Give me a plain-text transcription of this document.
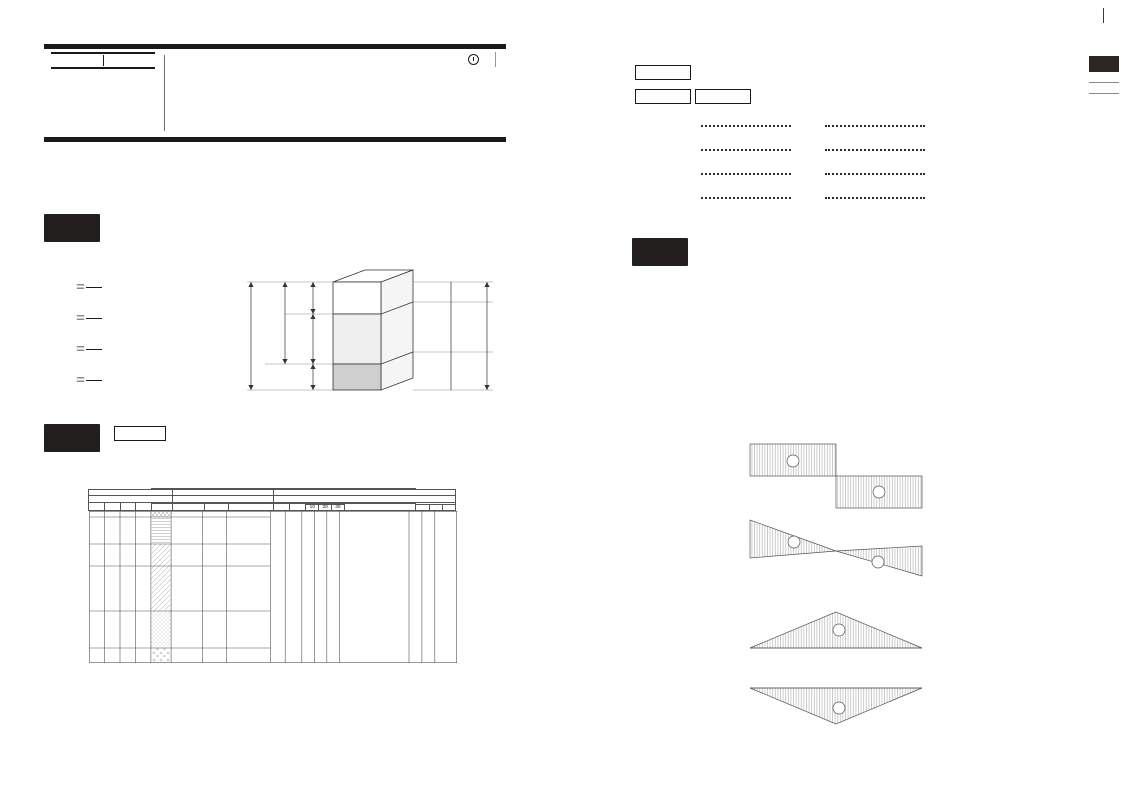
=
=
=
=

										10	20	30				
